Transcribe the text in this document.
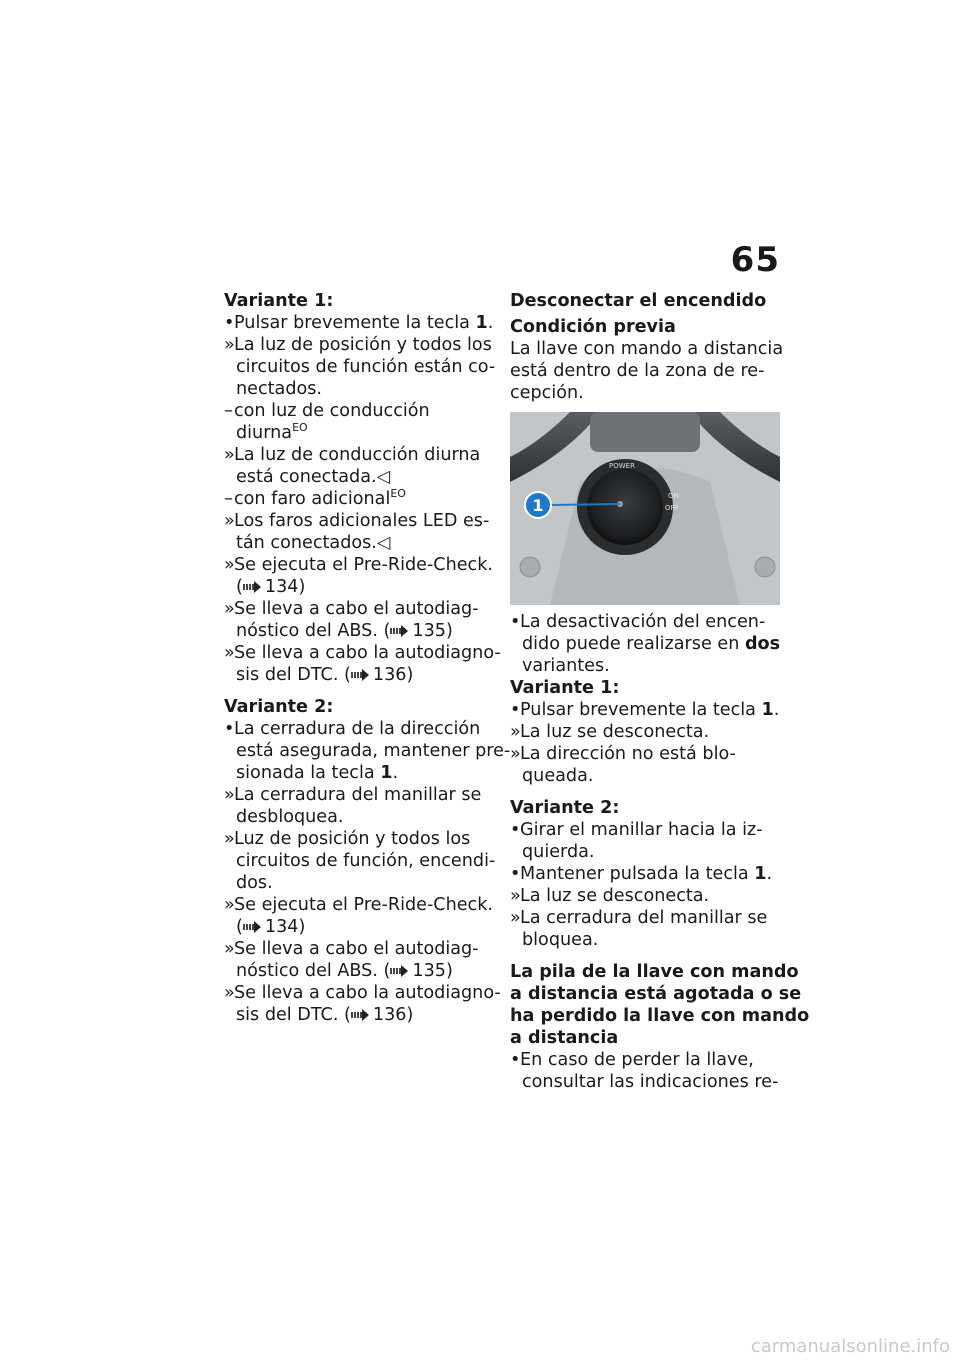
65
Variante 1:
•Pulsar brevemente la tecla 1.
»La luz de posición y todos los
circuitos de función están co-
nectados.
–con luz de conducción
diurna$^{EO}$
»La luz de conducción diurna
está conectada.◁
–con faro adicional$^{EO}$
»Los faros adicionales LED es-
tán conectados.◁
»Se ejecuta el Pre-Ride-Check.
( 134)
»Se lleva a cabo el autodiag-
nóstico del ABS. ( 135)
»Se lleva a cabo la autodiagno-
sis del DTC. ( 136)
Variante 2:
•La cerradura de la dirección
está asegurada, mantener pre-
sionada la tecla 1.
»La cerradura del manillar se
desbloquea.
»Luz de posición y todos los
circuitos de función, encendi-
dos.
»Se ejecuta el Pre-Ride-Check.
( 134)
»Se lleva a cabo el autodiag-
nóstico del ABS. ( 135)
»Se lleva a cabo la autodiagno-
sis del DTC. ( 136)
Desconectar el encendido
Condición previa
La llave con mando a distancia
está dentro de la zona de re-
cepción.
POWER
ON
OFF
1
•La desactivación del encen-
dido puede realizarse en dos
variantes.
Variante 1:
•Pulsar brevemente la tecla 1.
»La luz se desconecta.
»La dirección no está blo-
queada.
Variante 2:
•Girar el manillar hacia la iz-
quierda.
•Mantener pulsada la tecla 1.
»La luz se desconecta.
»La cerradura del manillar se
bloquea.
La pila de la llave con mando
a distancia está agotada o se
ha perdido la llave con mando
a distancia
•En caso de perder la llave,
consultar las indicaciones re-
carmanualsonline.info
